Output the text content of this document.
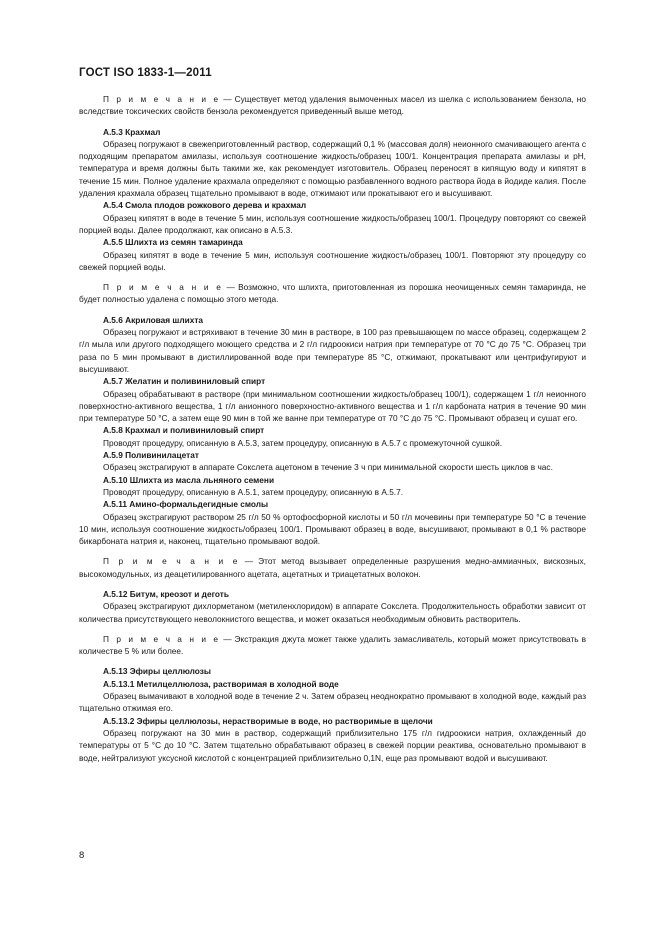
ГОСТ ISO 1833-1—2011

П р и м е ч а н и е — Существует метод удаления вымоченных масел из шелка с использованием бензола, но вследствие токсических свойств бензола рекомендуется приведенный выше метод.

А.5.3 Крахмал

Образец погружают в свежеприготовленный раствор, содержащий 0,1 % (массовая доля) неионного смачивающего агента с подходящим препаратом амилазы, используя соотношение жидкость/образец 100/1. Концентрация препарата амилазы и pH, температура и время должны быть такими же, как рекомендует изготовитель. Образец переносят в кипящую воду и кипятят в течение 15 мин. Полное удаление крахмала определяют с помощью разбавленного водного раствора йода в йодиде калия. После удаления крахмала образец тщательно промывают в воде, отжимают или прокатывают его и высушивают.

А.5.4 Смола плодов рожкового дерева и крахмал

Образец кипятят в воде в течение 5 мин, используя соотношение жидкость/образец 100/1. Процедуру повторяют со свежей порцией воды. Далее продолжают, как описано в А.5.3.

А.5.5 Шлихта из семян тамаринда

Образец кипятят в воде в течение 5 мин, используя соотношение жидкость/образец 100/1. Повторяют эту процедуру со свежей порцией воды.

П р и м е ч а н и е — Возможно, что шлихта, приготовленная из порошка неочищенных семян тамаринда, не будет полностью удалена с помощью этого метода.

А.5.6 Акриловая шлихта

Образец погружают и встряхивают в течение 30 мин в растворе, в 100 раз превышающем по массе образец, содержащем 2 г/л мыла или другого подходящего моющего средства и 2 г/л гидроокиси натрия при температуре от 70 °С до 75 °С. Образец три раза по 5 мин промывают в дистиллированной воде при температуре 85 °С, отжимают, прокатывают или центрифугируют и высушивают.

А.5.7 Желатин и поливиниловый спирт

Образец обрабатывают в растворе (при минимальном соотношении жидкость/образец 100/1), содержащем 1 г/л неионного поверхностно-активного вещества, 1 г/л анионного поверхностно-активного вещества и 1 г/л карбоната натрия в течение 90 мин при температуре 50 °С, а затем еще 90 мин в той же ванне при температуре от 70 °С до 75 °С. Промывают образец и сушат его.

А.5.8 Крахмал и поливиниловый спирт

Проводят процедуру, описанную в А.5.3, затем процедуру, описанную в А.5.7 с промежуточной сушкой.

А.5.9 Поливинилацетат

Образец экстрагируют в аппарате Сокслета ацетоном в течение 3 ч при минимальной скорости шесть циклов в час.

А.5.10 Шлихта из масла льняного семени

Проводят процедуру, описанную в А.5.1, затем процедуру, описанную в А.5.7.

А.5.11 Амино-формальдегидные смолы

Образец экстрагируют раствором 25 г/л 50 % ортофосфорной кислоты и 50 г/л мочевины при температуре 50 °С в течение 10 мин, используя соотношение жидкость/образец 100/1. Промывают образец в воде, высушивают, промывают в 0,1 % растворе бикарбоната натрия и, наконец, тщательно промывают водой.

П р и м е ч а н и е — Этот метод вызывает определенные разрушения медно-аммиачных, вискозных, высокомодульных, из деацетилированного ацетата, ацетатных и триацетатных волокон.

А.5.12 Битум, креозот и деготь

Образец экстрагируют дихлорметаном (метиленхлоридом) в аппарате Сокслета. Продолжительность обработки зависит от количества присутствующего неволокнистого вещества, и может оказаться необходимым обновить растворитель.

П р и м е ч а н и е — Экстракция джута может также удалить замасливатель, который может присутствовать в количестве 5 % или более.

А.5.13 Эфиры целлюлозы

А.5.13.1 Метилцеллюлоза, растворимая в холодной воде

Образец вымачивают в холодной воде в течение 2 ч. Затем образец неоднократно промывают в холодной воде, каждый раз тщательно отжимая его.

А.5.13.2 Эфиры целлюлозы, нерастворимые в воде, но растворимые в щелочи

Образец погружают на 30 мин в раствор, содержащий приблизительно 175 г/л гидроокиси натрия, охлажденный до температуры от 5 °С до 10 °С. Затем тщательно обрабатывают образец в свежей порции реактива, основательно промывают в воде, нейтрализуют уксусной кислотой с концентрацией приблизительно 0,1N, еще раз промывают водой и высушивают.

8
